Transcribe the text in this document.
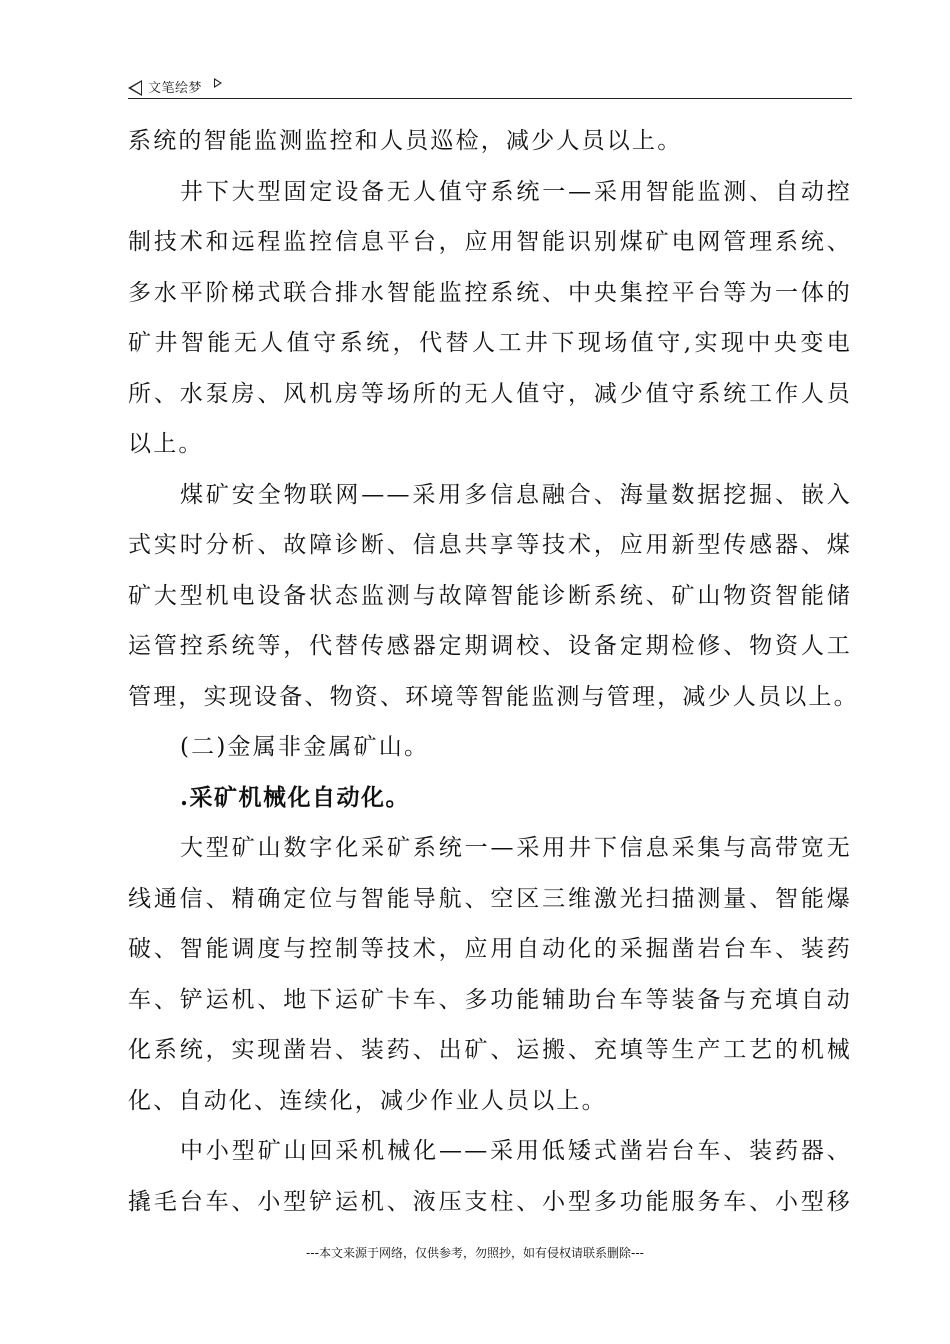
文笔绘梦
系统的智能监测监控和人员巡检，减少人员以上。
井下大型固定设备无人值守系统一—采用智能监测、自动控
制技术和远程监控信息平台，应用智能识别煤矿电网管理系统、
多水平阶梯式联合排水智能监控系统、中央集控平台等为一体的
矿井智能无人值守系统，代替人工井下现场值守,实现中央变电
所、水泵房、风机房等场所的无人值守，减少值守系统工作人员
以上。
煤矿安全物联网——采用多信息融合、海量数据挖掘、嵌入
式实时分析、故障诊断、信息共享等技术，应用新型传感器、煤
矿大型机电设备状态监测与故障智能诊断系统、矿山物资智能储
运管控系统等，代替传感器定期调校、设备定期检修、物资人工
管理，实现设备、物资、环境等智能监测与管理，减少人员以上。
(二)金属非金属矿山。
.采矿机械化自动化。
大型矿山数字化采矿系统一—采用井下信息采集与高带宽无
线通信、精确定位与智能导航、空区三维激光扫描测量、智能爆
破、智能调度与控制等技术，应用自动化的采掘凿岩台车、装药
车、铲运机、地下运矿卡车、多功能辅助台车等装备与充填自动
化系统，实现凿岩、装药、出矿、运搬、充填等生产工艺的机械
化、自动化、连续化，减少作业人员以上。
中小型矿山回采机械化——采用低矮式凿岩台车、装药器、
撬毛台车、小型铲运机、液压支柱、小型多功能服务车、小型移
---本文来源于网络，仅供参考，勿照抄，如有侵权请联系删除---
